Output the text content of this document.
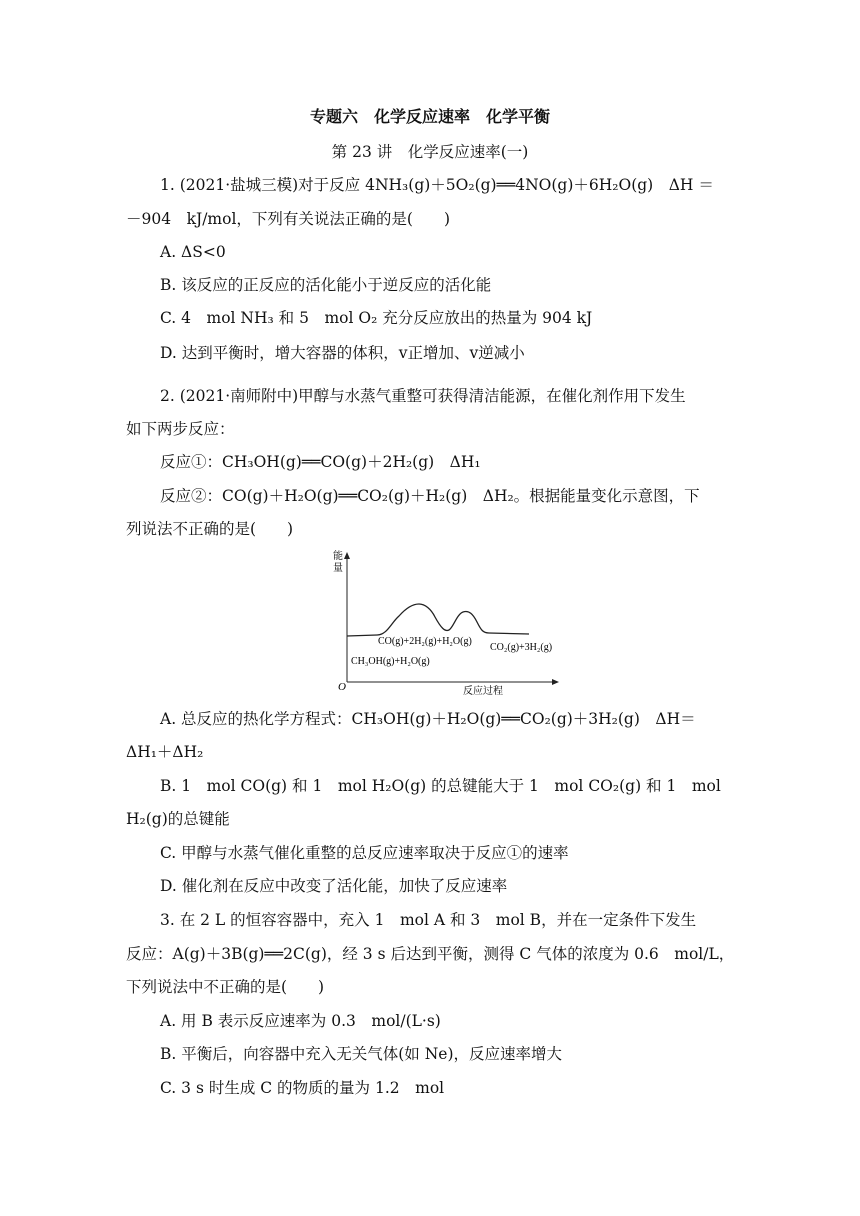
专题六　化学反应速率　化学平衡
第 23 讲　化学反应速率(一)
1. (2021·盐城三模)对于反应 4NH₃(g)＋5O₂(g)══4NO(g)＋6H₂O(g)　ΔH ＝
－904　kJ/mol，下列有关说法正确的是(　　)
A. ΔS<0
B. 该反应的正反应的活化能小于逆反应的活化能
C. 4　mol NH₃ 和 5　mol O₂ 充分反应放出的热量为 904 kJ
D. 达到平衡时，增大容器的体积，v正增加、v逆减小
2. (2021·南师附中)甲醇与水蒸气重整可获得清洁能源，在催化剂作用下发生
如下两步反应：
反应①：CH₃OH(g)══CO(g)＋2H₂(g)　ΔH₁
反应②：CO(g)＋H₂O(g)══CO₂(g)＋H₂(g)　ΔH₂。根据能量变化示意图，下
列说法不正确的是(　　)
能
量
O	反应过程
CH₃OH(g)+H₂O(g)
CO(g)+2H₂(g)+H₂O(g)
CO₂(g)+3H₂(g)
A. 总反应的热化学方程式：CH₃OH(g)＋H₂O(g)══CO₂(g)＋3H₂(g)　ΔH＝
ΔH₁＋ΔH₂
B. 1　mol CO(g) 和 1　mol H₂O(g) 的总键能大于 1　mol CO₂(g) 和 1　mol
H₂(g)的总键能
C. 甲醇与水蒸气催化重整的总反应速率取决于反应①的速率
D. 催化剂在反应中改变了活化能，加快了反应速率
3. 在 2 L 的恒容容器中，充入 1　mol A 和 3　mol B，并在一定条件下发生
反应：A(g)＋3B(g)══2C(g)，经 3 s 后达到平衡，测得 C 气体的浓度为 0.6　mol/L，
下列说法中不正确的是(　　)
A. 用 B 表示反应速率为 0.3　mol/(L·s)
B. 平衡后，向容器中充入无关气体(如 Ne)，反应速率增大
C. 3 s 时生成 C 的物质的量为 1.2　mol
